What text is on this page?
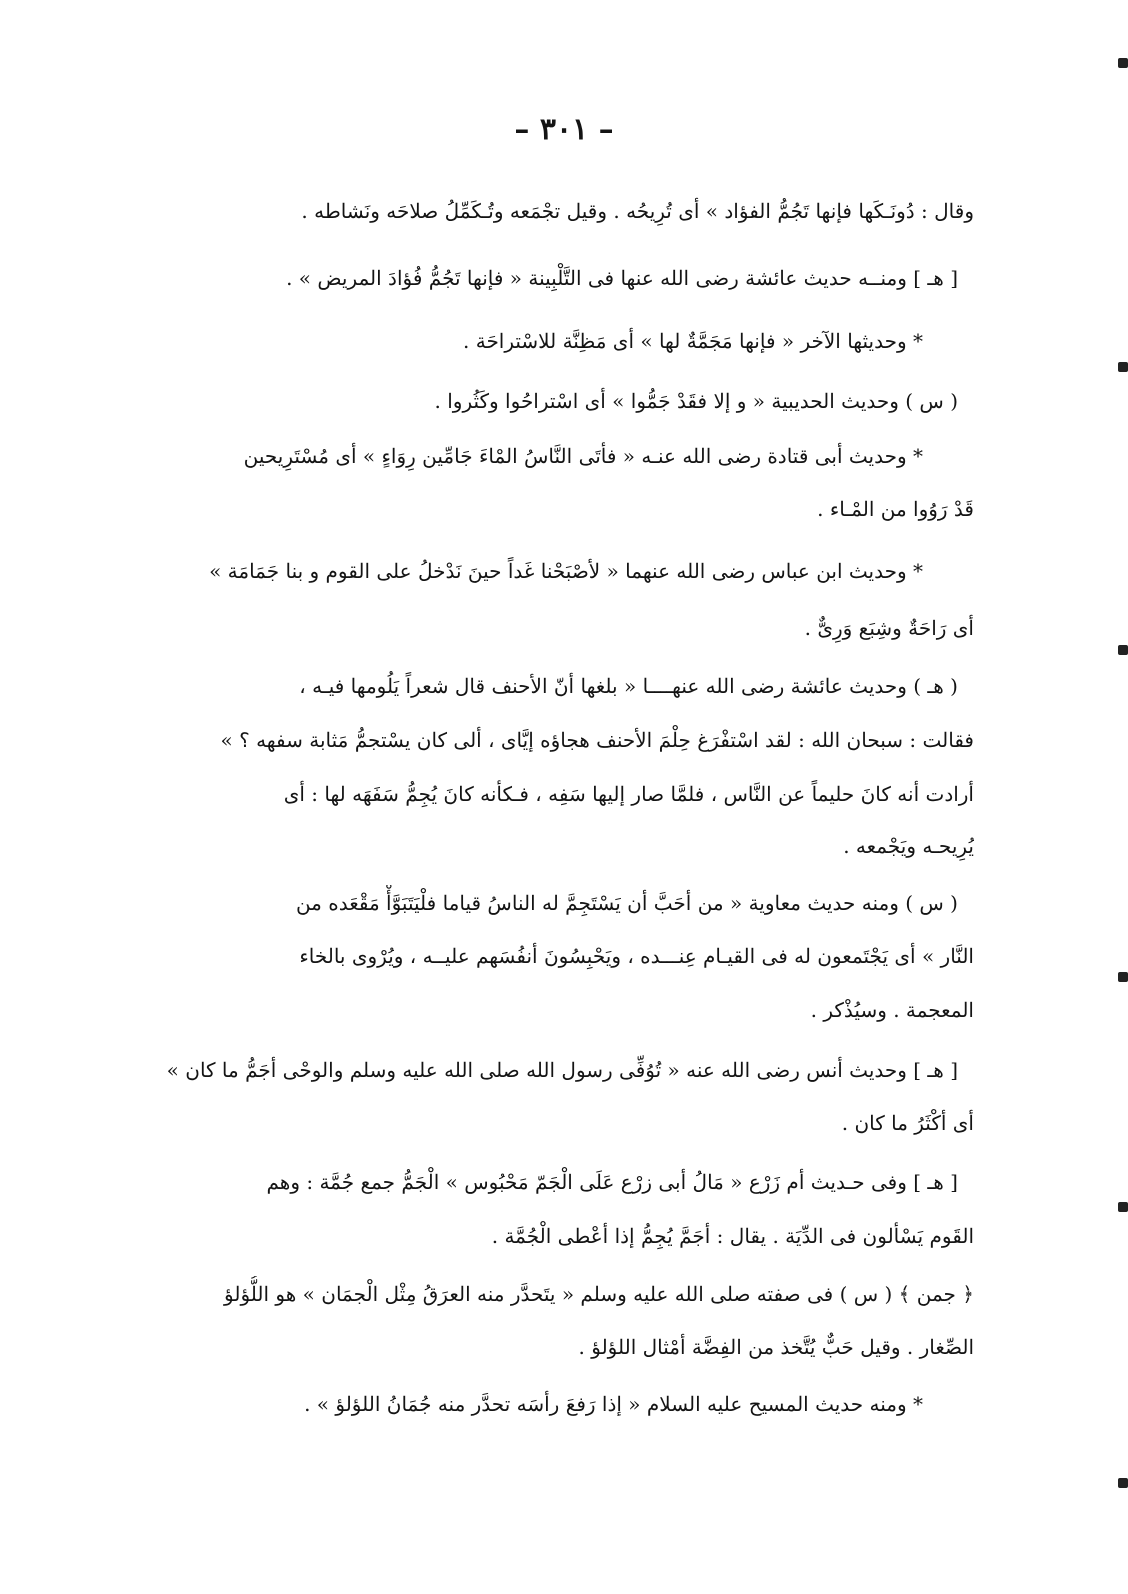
– ٣٠١ –
وقال : دُونَـكَها فإنها تَجُمُّ الفؤاد » أى تُرِيحُه . وقيل تجْمَعه وتُـكَمِّلُ صلاحَه ونَشاطه .
[ هـ ] ومنــه حديث عائشة رضى الله عنها فى التَّلْبِينة « فإنها تَجُمُّ فُؤادَ المريض » .
* وحديثها الآخر « فإنها مَجَمَّةٌ لها » أى مَظِنَّة للاسْتراحَة .
( س ) وحديث الحديبية « و إلا فقَدْ جَمُّوا » أى اسْتراحُوا وكَثُروا .
* وحديث أبى قتادة رضى الله عنـه « فأتَى النَّاسُ المْاءَ جَامِّين رِوَاءٍ » أى مُسْتَرِيحين
قَدْ رَوُوا من المْـاء .
* وحديث ابن عباس رضى الله عنهما « لأصْبَحْنا غَداً حينَ نَدْخلُ على القوم و بنا جَمَامَة »
أى رَاحَةٌ وشِبَع وَرِىٌّ .
( هـ ) وحديث عائشة رضى الله عنهــــا « بلغها أنّ الأحنف قال شعراً يَلُومها فيـه ،
فقالت : سبحان الله : لقد اسْتفْرَغ حِلْمَ الأحنف هجاؤه إيَّاى ، ألى كان يسْتجمُّ مَثابة سفهه ؟ »
أرادت أنه كانَ حليماً عن النَّاس ، فلمَّا صار إليها سَفِه ، فـكأنه كانَ يُجِمُّ سَفَهَه لها : أى
يُرِيحـه ويَجْمعه .
( س ) ومنه حديث معاوية « من أحَبَّ أن يَسْتَجِمَّ له الناسُ قياما فلْيَتَبَوَّأْ مَقْعَده من
النَّار » أى يَجْتَمعون له فى القيـام عِنـــده ، ويَحْبِسُونَ أنفُسَهم عليــه ، ويُرْوى بالخاء
المعجمة . وسيُذْكر .
[ هـ ] وحديث أنس رضى الله عنه « تُوُفِّى رسول الله صلى الله عليه وسلم والوحْى أجَمُّ ما كان »
أى أكْثَرُ ما كان .
[ هـ ] وفى حـديث أم زَرْع « مَالُ أبى زرْع عَلَى الْجَمّ مَحْبُوس » الْجَمُّ جمع جُمَّة : وهم
القَوم يَسْألون فى الدِّيَة . يقال : أجَمَّ يُجِمُّ إذا أعْطى الْجُمَّة .
﴿ جمن ﴾ ( س ) فى صفته صلى الله عليه وسلم « يتَحدَّر منه العرَقُ مِثْل الْجمَان » هو اللُّؤلؤ
الصِّغار . وقيل حَبٌّ يُتَّخذ من الفِضَّة أمْثال اللؤلؤ .
* ومنه حديث المسيح عليه السلام « إذا رَفعَ رأسَه تحدَّر منه جُمَانُ اللؤلؤ » .
